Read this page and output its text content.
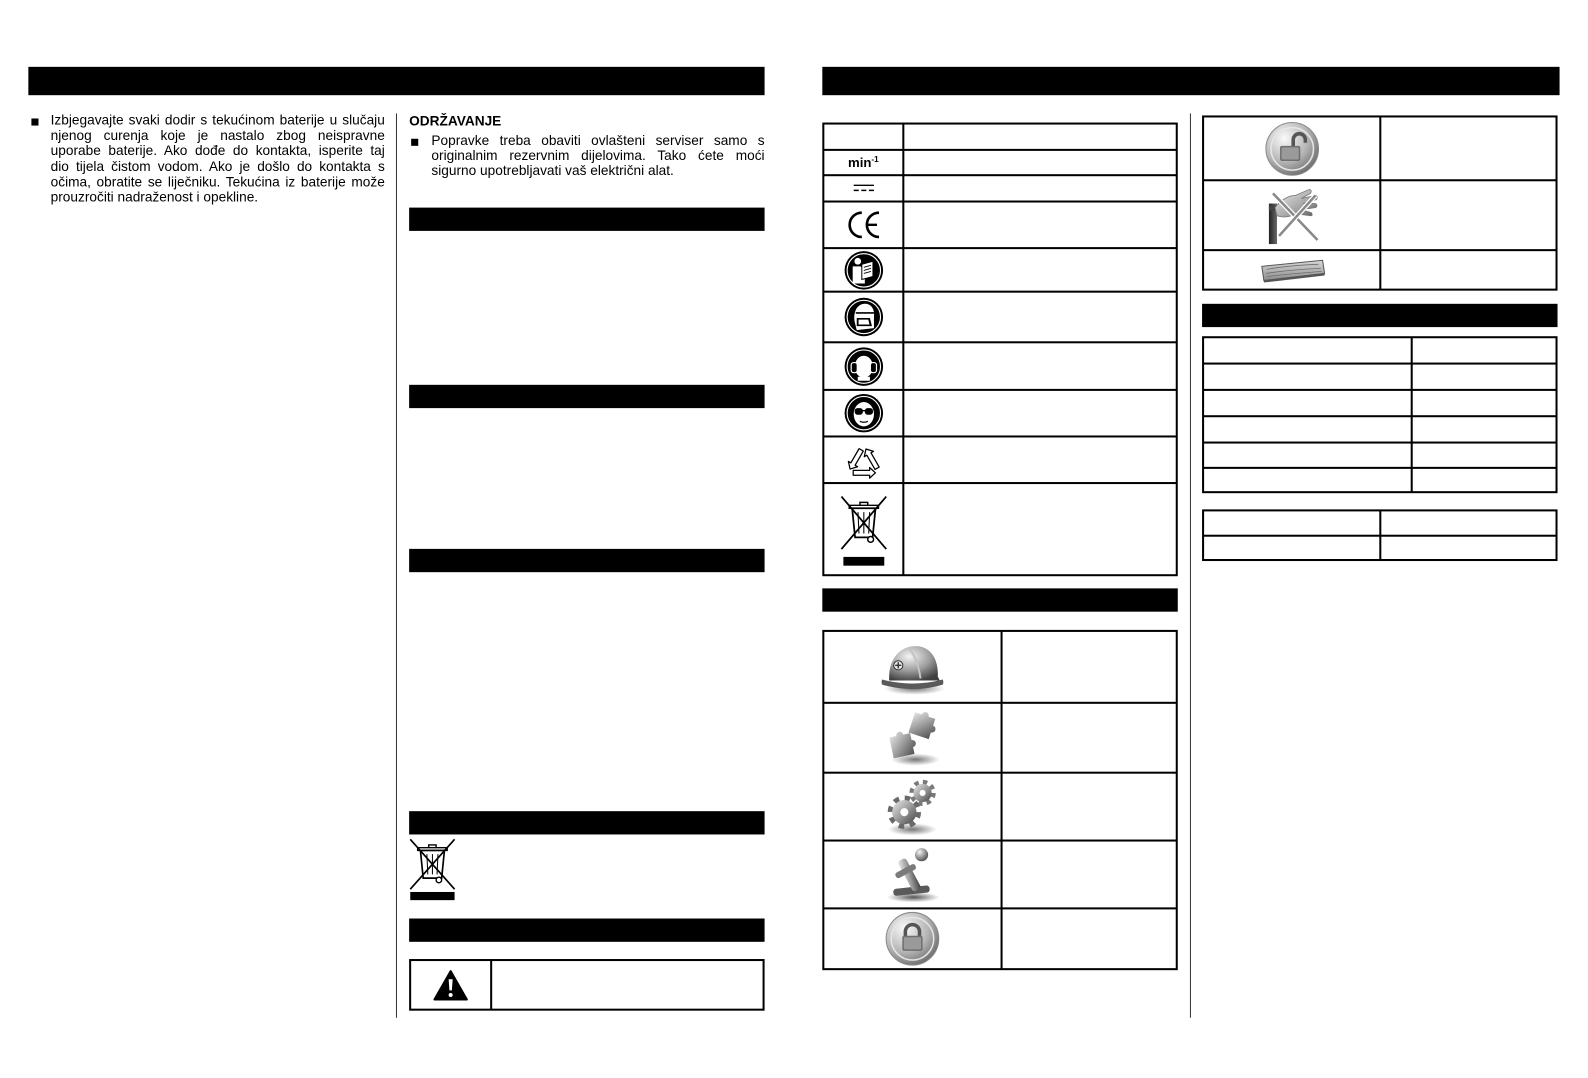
Izbjegavajte svaki dodir s tekućinom baterije u slučaju
njenog curenja koje je nastalo zbog neispravne
uporabe baterije. Ako dođe do kontakta, isperite taj
dio tijela čistom vodom. Ako je došlo do kontakta s
očima, obratite se liječniku. Tekućina iz baterije može
prouzročiti nadraženost i opekline.
ODRŽAVANJE
Popravke treba obaviti ovlašteni serviser samo s
originalnim rezervnim dijelovima. Tako ćete moći
sigurno upotrebljavati vaš električni alat.
$\min^{-1}$
